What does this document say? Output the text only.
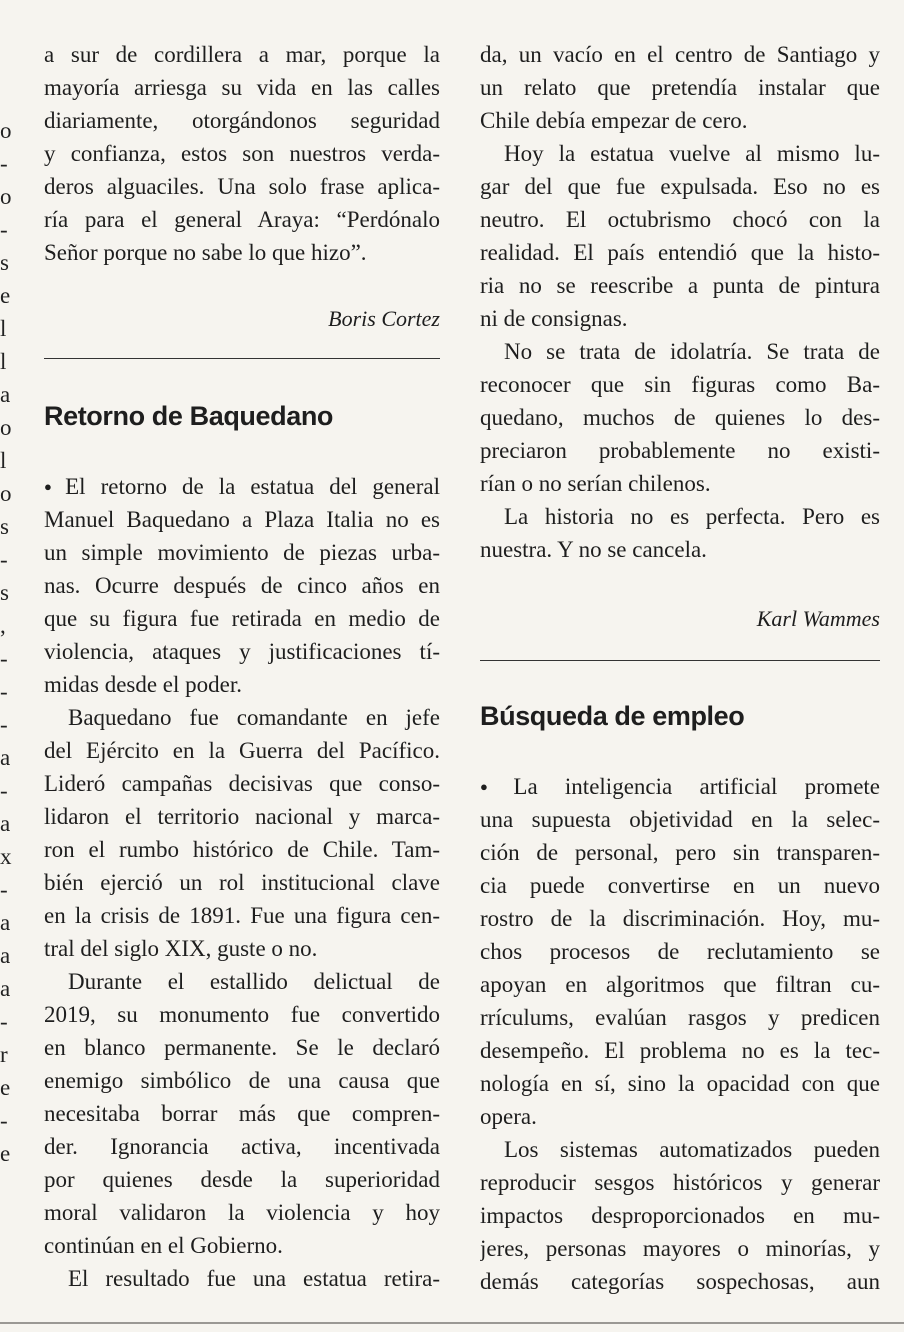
o
-
o
-
s
e
l
l
a
o
l
o
s
-
s
,
-
-
-
a
-
a
x
-
a
a
a
-
r
e
-
e
a sur de cordillera a mar, porque la
mayoría arriesga su vida en las calles
diariamente, otorgándonos seguridad
y confianza, estos son nuestros verda-
deros alguaciles. Una solo frase aplica-
ría para el general Araya: “Perdónalo
Señor porque no sabe lo que hizo”.
Boris Cortez
Retorno de Baquedano
● El retorno de la estatua del general
Manuel Baquedano a Plaza Italia no es
un simple movimiento de piezas urba-
nas. Ocurre después de cinco años en
que su figura fue retirada en medio de
violencia, ataques y justificaciones tí-
midas desde el poder.
Baquedano fue comandante en jefe
del Ejército en la Guerra del Pacífico.
Lideró campañas decisivas que conso-
lidaron el territorio nacional y marca-
ron el rumbo histórico de Chile. Tam-
bién ejerció un rol institucional clave
en la crisis de 1891. Fue una figura cen-
tral del siglo XIX, guste o no.
Durante el estallido delictual de
2019, su monumento fue convertido
en blanco permanente. Se le declaró
enemigo simbólico de una causa que
necesitaba borrar más que compren-
der. Ignorancia activa, incentivada
por quienes desde la superioridad
moral validaron la violencia y hoy
continúan en el Gobierno.
El resultado fue una estatua retira-
da, un vacío en el centro de Santiago y
un relato que pretendía instalar que
Chile debía empezar de cero.
Hoy la estatua vuelve al mismo lu-
gar del que fue expulsada. Eso no es
neutro. El octubrismo chocó con la
realidad. El país entendió que la histo-
ria no se reescribe a punta de pintura
ni de consignas.
No se trata de idolatría. Se trata de
reconocer que sin figuras como Ba-
quedano, muchos de quienes lo des-
preciaron probablemente no existi-
rían o no serían chilenos.
La historia no es perfecta. Pero es
nuestra. Y no se cancela.
Karl Wammes
Búsqueda de empleo
● La inteligencia artificial promete
una supuesta objetividad en la selec-
ción de personal, pero sin transparen-
cia puede convertirse en un nuevo
rostro de la discriminación. Hoy, mu-
chos procesos de reclutamiento se
apoyan en algoritmos que filtran cu-
rrículums, evalúan rasgos y predicen
desempeño. El problema no es la tec-
nología en sí, sino la opacidad con que
opera.
Los sistemas automatizados pueden
reproducir sesgos históricos y generar
impactos desproporcionados en mu-
jeres, personas mayores o minorías, y
demás categorías sospechosas, aun
